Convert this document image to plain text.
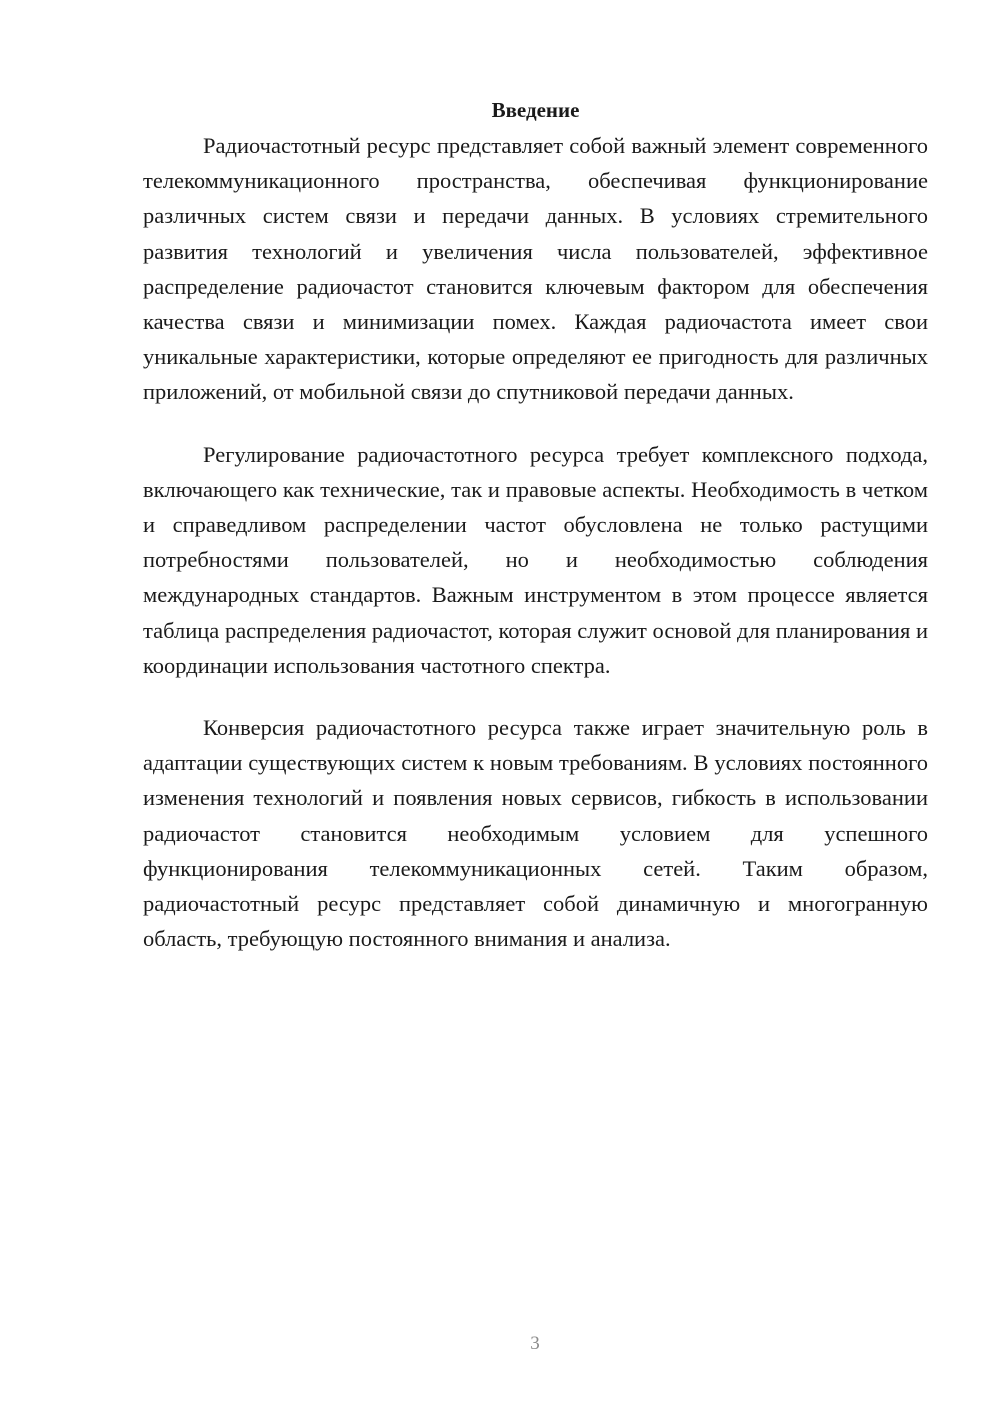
Введение

Радиочастотный ресурс представляет собой важный элемент современного телекоммуникационного пространства, обеспечивая функционирование различных систем связи и передачи данных. В условиях стремительного развития технологий и увеличения числа пользователей, эффективное распределение радиочастот становится ключевым фактором для обеспечения качества связи и минимизации помех. Каждая радиочастота имеет свои уникальные характеристики, которые определяют ее пригодность для различных приложений, от мобильной связи до спутниковой передачи данных.

Регулирование радиочастотного ресурса требует комплексного подхода, включающего как технические, так и правовые аспекты. Необходимость в четком и справедливом распределении частот обусловлена не только растущими потребностями пользователей, но и необходимостью соблюдения международных стандартов. Важным инструментом в этом процессе является таблица распределения радиочастот, которая служит основой для планирования и координации использования частотного спектра.

Конверсия радиочастотного ресурса также играет значительную роль в адаптации существующих систем к новым требованиям. В условиях постоянного изменения технологий и появления новых сервисов, гибкость в использовании радиочастот становится необходимым условием для успешного функционирования телекоммуникационных сетей. Таким образом, радиочастотный ресурс представляет собой динамичную и многогранную область, требующую постоянного внимания и анализа.

3
